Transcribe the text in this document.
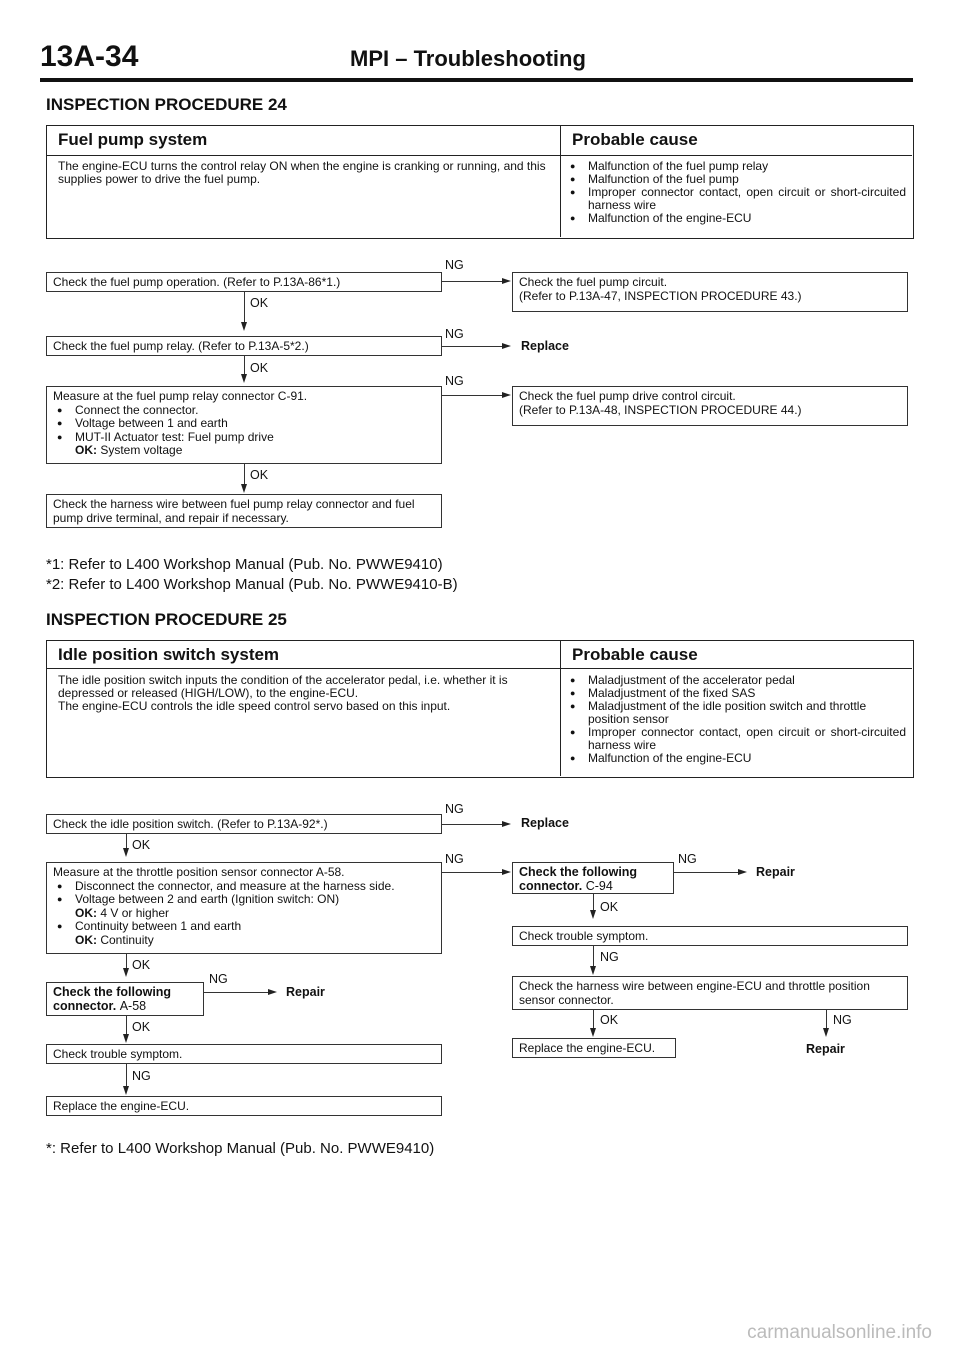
13A-34	MPI – Troubleshooting
INSPECTION PROCEDURE 24
Fuel pump system	Probable cause
The engine-ECU turns the control relay ON when the engine is cranking or running, and this supplies power to drive the fuel pump.
● Malfunction of the fuel pump relay
● Malfunction of the fuel pump
● Improper connector contact, open circuit or short-circuited harness wire
● Malfunction of the engine-ECU
Check the fuel pump operation. (Refer to P.13A-86*1.)
NG
Check the fuel pump circuit.
(Refer to P.13A-47, INSPECTION PROCEDURE 43.)
OK
Check the fuel pump relay. (Refer to P.13A-5*2.)
NG
Replace
OK
Measure at the fuel pump relay connector C-91.
● Connect the connector.
● Voltage between 1 and earth
● MUT-II Actuator test: Fuel pump drive
OK: System voltage
NG
Check the fuel pump drive control circuit.
(Refer to P.13A-48, INSPECTION PROCEDURE 44.)
OK
Check the harness wire between fuel pump relay connector and fuel pump drive terminal, and repair if necessary.
*1: Refer to L400 Workshop Manual (Pub. No. PWWE9410)
*2: Refer to L400 Workshop Manual (Pub. No. PWWE9410-B)
INSPECTION PROCEDURE 25
Idle position switch system	Probable cause
The idle position switch inputs the condition of the accelerator pedal, i.e. whether it is depressed or released (HIGH/LOW), to the engine-ECU.
The engine-ECU controls the idle speed control servo based on this input.
● Maladjustment of the accelerator pedal
● Maladjustment of the fixed SAS
● Maladjustment of the idle position switch and throttle position sensor
● Improper connector contact, open circuit or short-circuited harness wire
● Malfunction of the engine-ECU
Check the idle position switch. (Refer to P.13A-92*.)
NG
Replace
OK
Measure at the throttle position sensor connector A-58.
● Disconnect the connector, and measure at the harness side.
● Voltage between 2 and earth (Ignition switch: ON)
OK: 4 V or higher
● Continuity between 1 and earth
OK: Continuity
NG
Check the following connector. C-94
NG
Repair
OK
Check trouble symptom.
NG
Check the harness wire between engine-ECU and throttle position sensor connector.
OK	NG
Replace the engine-ECU.	Repair
OK
Check the following connector. A-58
NG
Repair
OK
Check trouble symptom.
NG
Replace the engine-ECU.
*: Refer to L400 Workshop Manual (Pub. No. PWWE9410)
carmanualsonline.info
